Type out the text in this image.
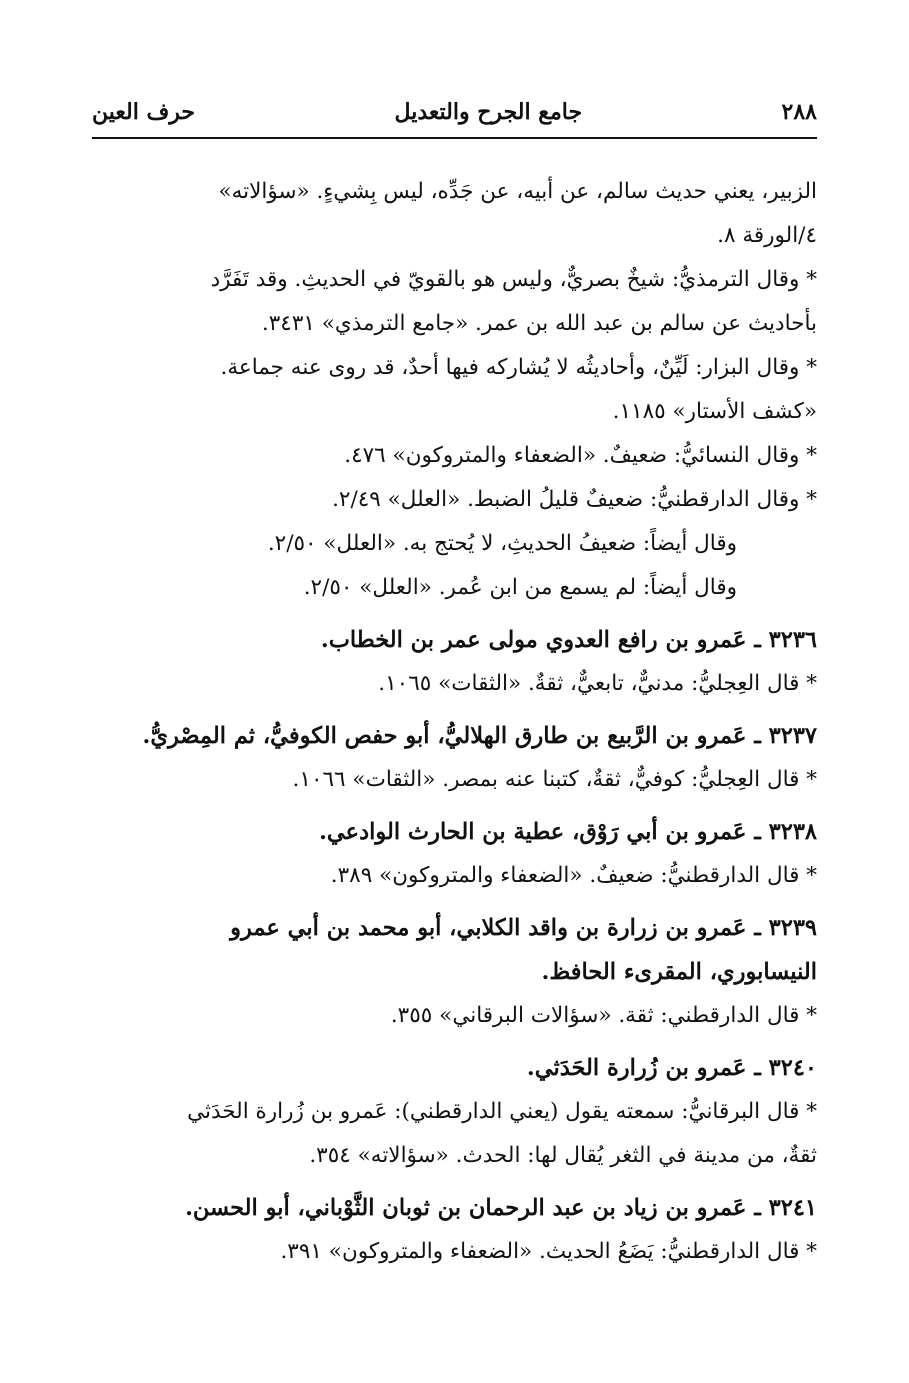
٢٨٨
جامع الجرح والتعديل
حرف العين

الزبير، يعني حديث سالم، عن أبيه، عن جَدِّه، ليس بِشيءٍ. «سؤالاته»

٤/الورقة ٨.

* وقال الترمذيُّ: شيخٌ بصريٌّ، وليس هو بالقويّ في الحديثِ. وقد تَفَرَّد

بأحاديث عن سالم بن عبد الله بن عمر. «جامع الترمذي» ٣٤٣١.

* وقال البزار: لَيِّنٌ، وأحاديثُه لا يُشاركه فيها أحدٌ، قد روى عنه جماعة.

«كشف الأستار» ١١٨٥.

* وقال النسائيُّ: ضعيفٌ. «الضعفاء والمتروكون» ٤٧٦.

* وقال الدارقطنيُّ: ضعيفٌ قليلُ الضبط. «العلل» ٢/٤٩.

وقال أيضاً: ضعيفُ الحديثِ، لا يُحتج به. «العلل» ٢/٥٠.

وقال أيضاً: لم يسمع من ابن عُمر. «العلل» ٢/٥٠.

٣٢٣٦ ـ عَمرو بن رافع العدوي مولى عمر بن الخطاب.

* قال العِجليُّ: مدنيٌّ، تابعيٌّ، ثقةٌ. «الثقات» ١٠٦٥.

٣٢٣٧ ـ عَمرو بن الرَّبيع بن طارق الهلاليُّ، أبو حفص الكوفيُّ، ثم المِصْريُّ.

* قال العِجليُّ: كوفيٌّ، ثقةٌ، كتبنا عنه بمصر. «الثقات» ١٠٦٦.

٣٢٣٨ ـ عَمرو بن أبي رَوْق، عطية بن الحارث الوادعي.

* قال الدارقطنيُّ: ضعيفٌ. «الضعفاء والمتروكون» ٣٨٩.

٣٢٣٩ ـ عَمرو بن زرارة بن واقد الكلابي، أبو محمد بن أبي عمرو

النيسابوري، المقرىء الحافظ.

* قال الدارقطني: ثقة. «سؤالات البرقاني» ٣٥٥.

٣٢٤٠ ـ عَمرو بن زُرارة الحَدَثي.

* قال البرقانيُّ: سمعته يقول (يعني الدارقطني): عَمرو بن زُرارة الحَدَثي

ثقةٌ، من مدينة في الثغر يُقال لها: الحدث. «سؤالاته» ٣٥٤.

٣٢٤١ ـ عَمرو بن زياد بن عبد الرحمان بن ثوبان الثَّوْباني، أبو الحسن.

* قال الدارقطنيُّ: يَضَعُ الحديث. «الضعفاء والمتروكون» ٣٩١.
